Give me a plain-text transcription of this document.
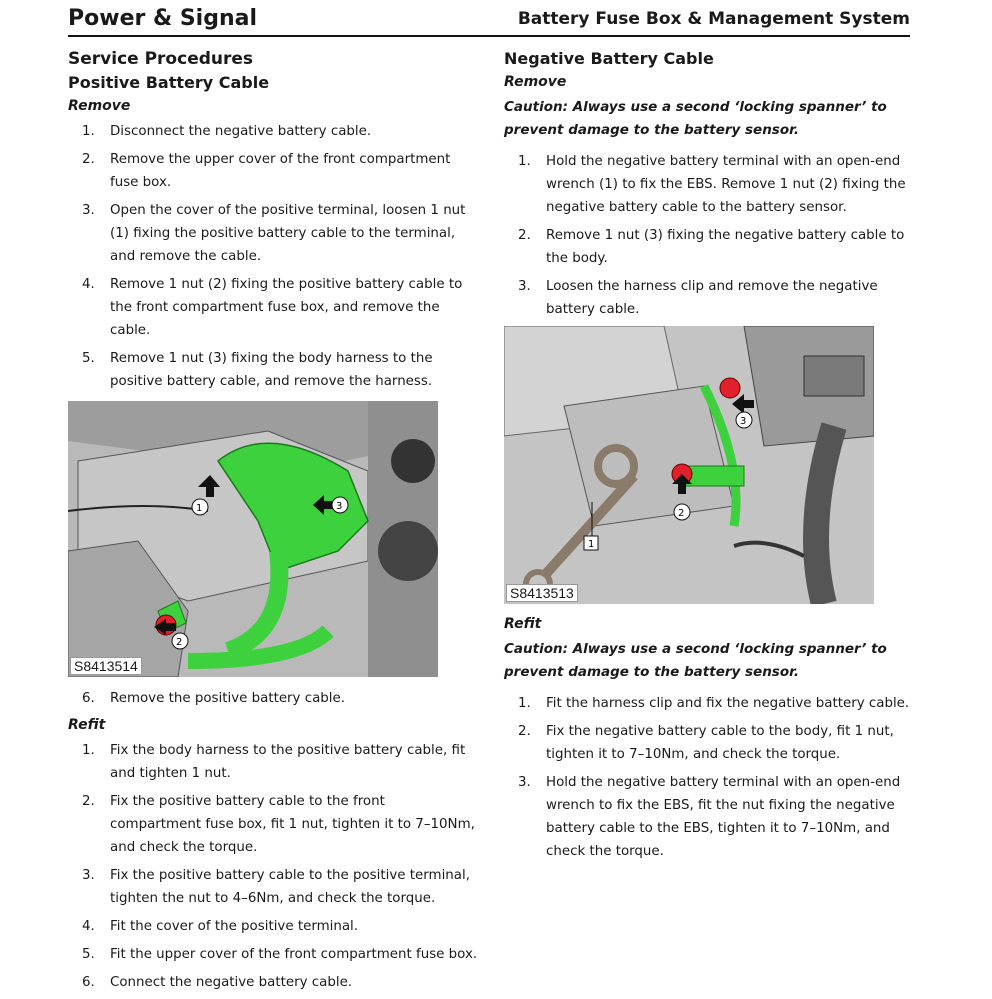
Power & Signal	Battery Fuse Box & Management System
Service Procedures
Positive Battery Cable
Remove
1. Disconnect the negative battery cable.
2. Remove the upper cover of the front compartment fuse box.
3. Open the cover of the positive terminal, loosen 1 nut (1) fixing the positive battery cable to the terminal, and remove the cable.
4. Remove 1 nut (2) fixing the positive battery cable to the front compartment fuse box, and remove the cable.
5. Remove 1 nut (3) fixing the body harness to the positive battery cable, and remove the harness.
1	3
2
S8413514
6. Remove the positive battery cable.
Refit
1. Fix the body harness to the positive battery cable, fit and tighten 1 nut.
2. Fix the positive battery cable to the front compartment fuse box, fit 1 nut, tighten it to 7–10Nm, and check the torque.
3. Fix the positive battery cable to the positive terminal, tighten the nut to 4–6Nm, and check the torque.
4. Fit the cover of the positive terminal.
5. Fit the upper cover of the front compartment fuse box.
6. Connect the negative battery cable.
Negative Battery Cable
Remove
Caution: Always use a second ‘locking spanner’ to prevent damage to the battery sensor.
1. Hold the negative battery terminal with an open-end wrench (1) to fix the EBS. Remove 1 nut (2) fixing the negative battery cable to the battery sensor.
2. Remove 1 nut (3) fixing the negative battery cable to the body.
3. Loosen the harness clip and remove the negative battery cable.
3
2
1
S8413513
Refit
Caution: Always use a second ‘locking spanner’ to prevent damage to the battery sensor.
1. Fit the harness clip and fix the negative battery cable.
2. Fix the negative battery cable to the body, fit 1 nut, tighten it to 7–10Nm, and check the torque.
3. Hold the negative battery terminal with an open-end wrench to fix the EBS, fit the nut fixing the negative battery cable to the EBS, tighten it to 7–10Nm, and check the torque.
